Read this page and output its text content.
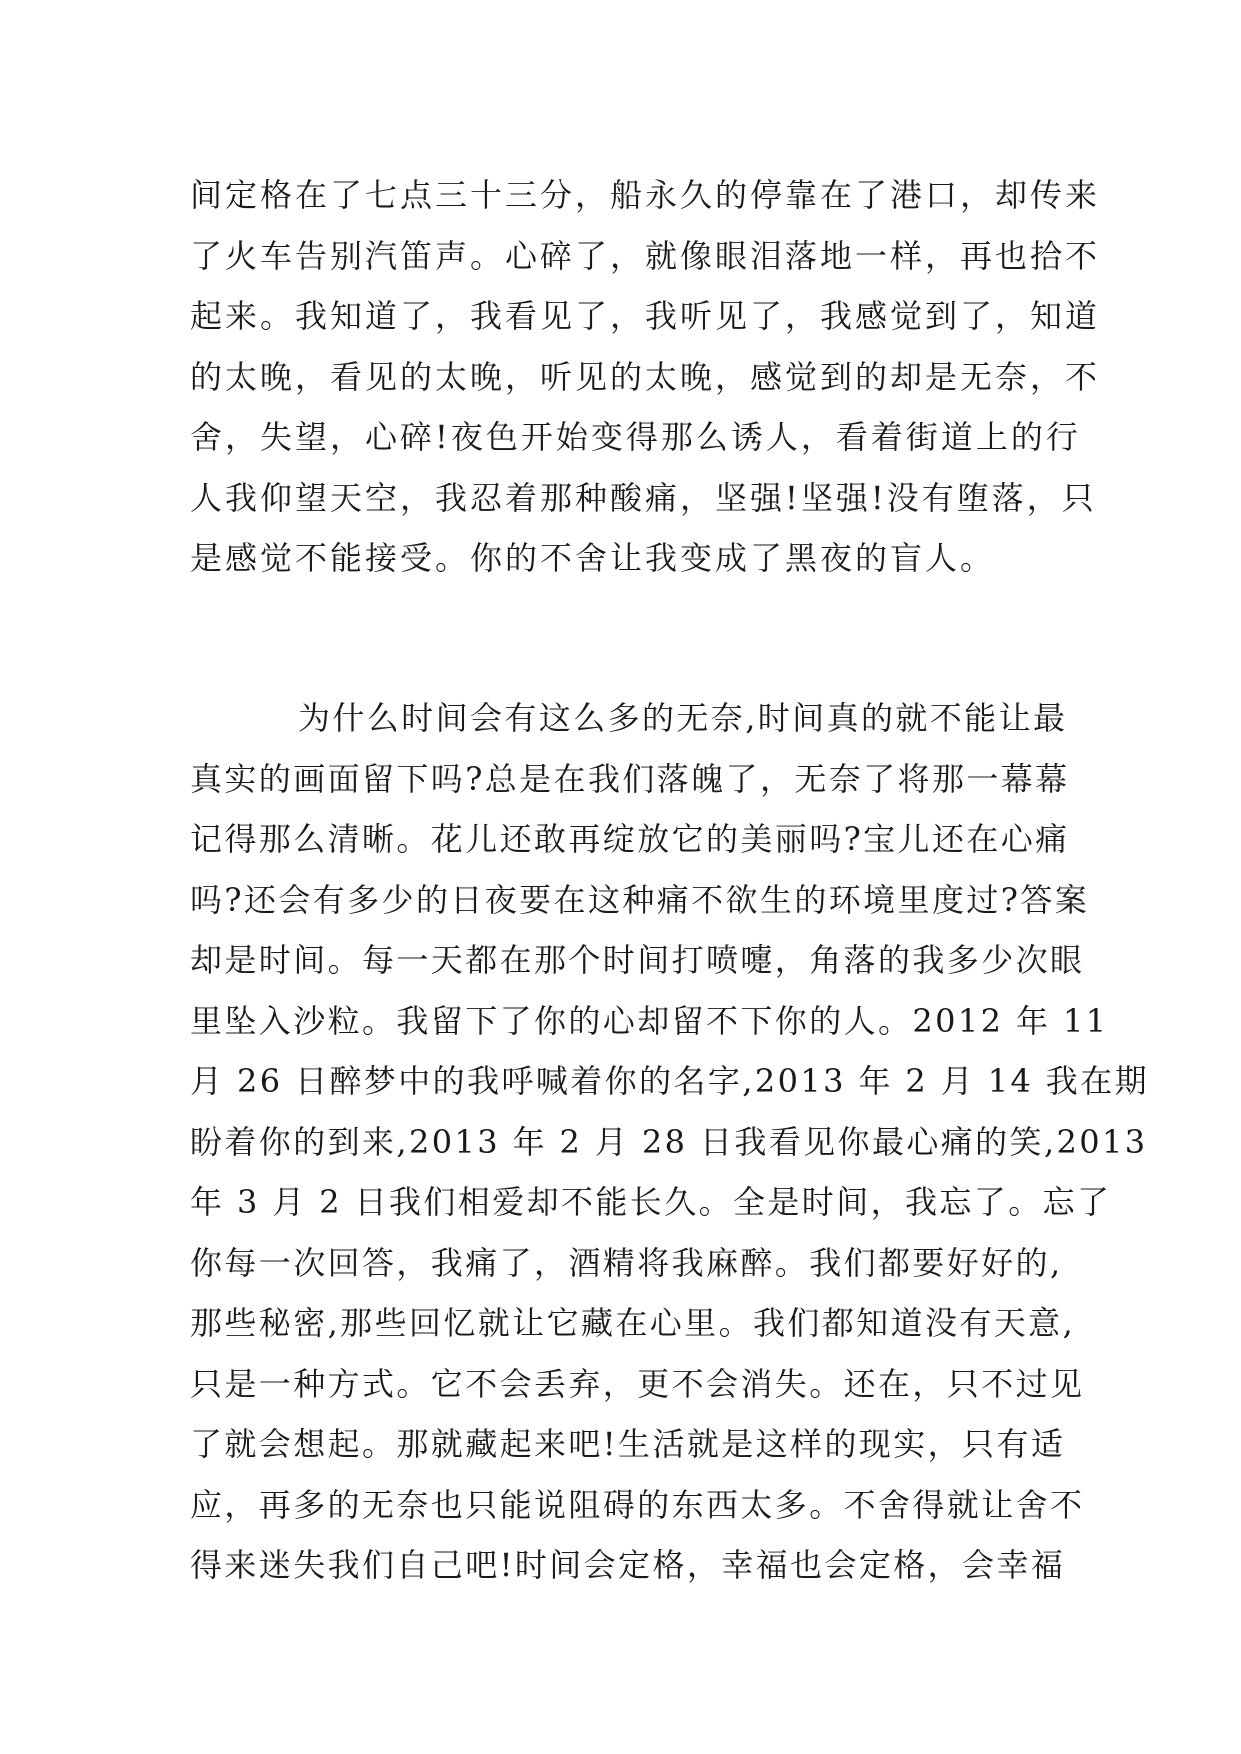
间定格在了七点三十三分，船永久的停靠在了港口，却传来
了火车告别汽笛声。心碎了，就像眼泪落地一样，再也拾不
起来。我知道了，我看见了，我听见了，我感觉到了，知道
的太晚，看见的太晚，听见的太晚，感觉到的却是无奈，不
舍，失望，心碎!夜色开始变得那么诱人，看着街道上的行
人我仰望天空，我忍着那种酸痛，坚强!坚强!没有堕落，只
是感觉不能接受。你的不舍让我变成了黑夜的盲人。
为什么时间会有这么多的无奈,时间真的就不能让最
真实的画面留下吗?总是在我们落魄了，无奈了将那一幕幕
记得那么清晰。花儿还敢再绽放它的美丽吗?宝儿还在心痛
吗?还会有多少的日夜要在这种痛不欲生的环境里度过?答案
却是时间。每一天都在那个时间打喷嚏，角落的我多少次眼
里坠入沙粒。我留下了你的心却留不下你的人。2012 年 11
月 26 日醉梦中的我呼喊着你的名字,2013 年 2 月 14 我在期
盼着你的到来,2013 年 2 月 28 日我看见你最心痛的笑,2013
年 3 月 2 日我们相爱却不能长久。全是时间，我忘了。忘了
你每一次回答，我痛了，酒精将我麻醉。我们都要好好的,
那些秘密,那些回忆就让它藏在心里。我们都知道没有天意,
只是一种方式。它不会丢弃，更不会消失。还在，只不过见
了就会想起。那就藏起来吧!生活就是这样的现实，只有适
应，再多的无奈也只能说阻碍的东西太多。不舍得就让舍不
得来迷失我们自己吧!时间会定格，幸福也会定格，会幸福
